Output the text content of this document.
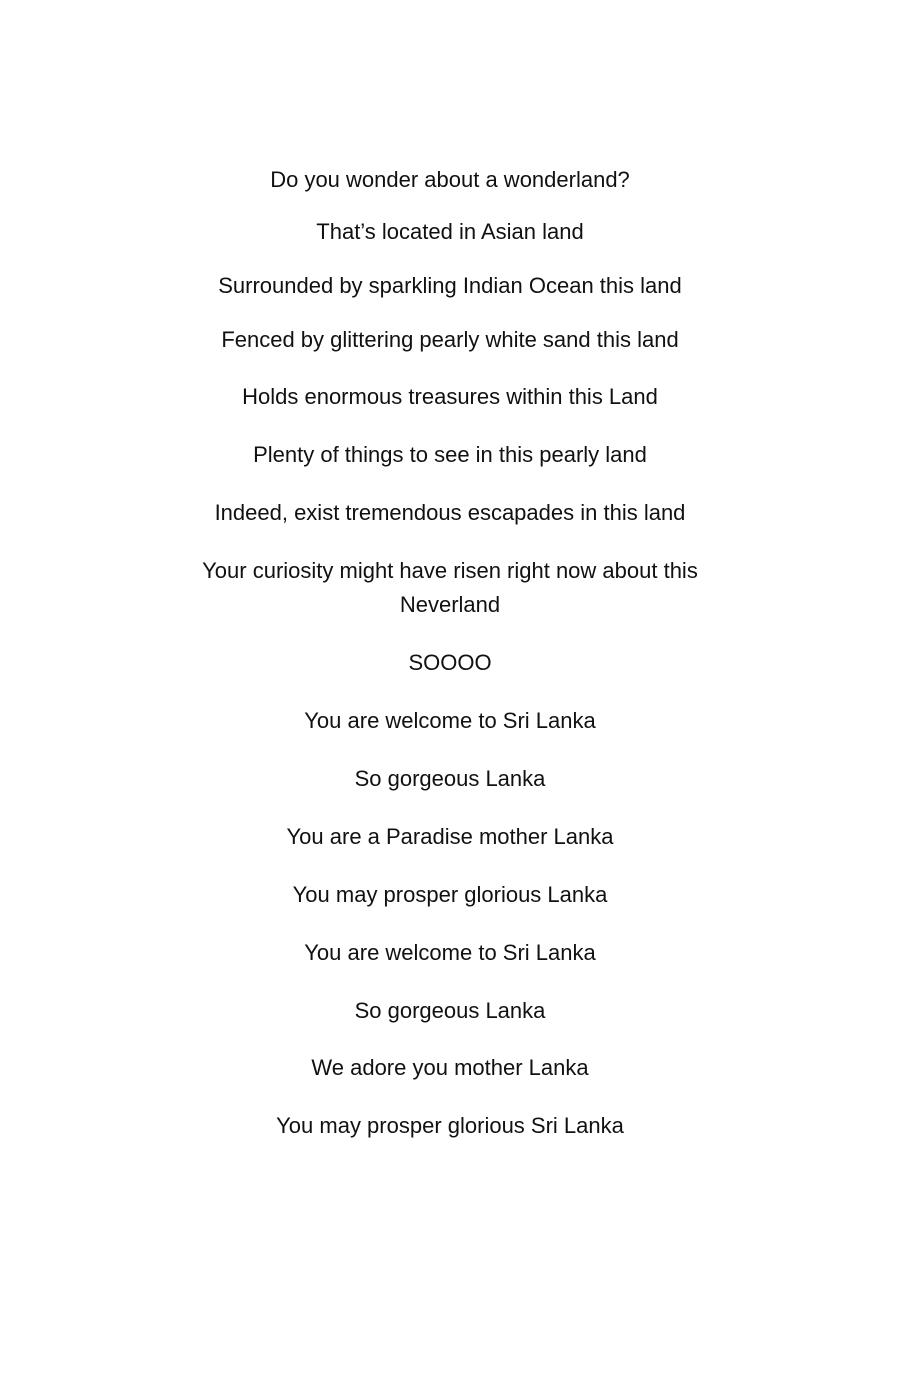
Do you wonder about a wonderland?
That’s located in Asian land
Surrounded by sparkling Indian Ocean this land
Fenced by glittering pearly white sand this land
Holds enormous treasures within this Land
Plenty of things to see in this pearly land
Indeed, exist tremendous escapades in this land
Your curiosity might have risen right now about this Neverland
SOOOO
You are welcome to Sri Lanka
So gorgeous Lanka
You are a Paradise mother Lanka
You may prosper glorious Lanka
You are welcome to Sri Lanka
So gorgeous Lanka
We adore you mother Lanka
You may prosper glorious Sri Lanka
